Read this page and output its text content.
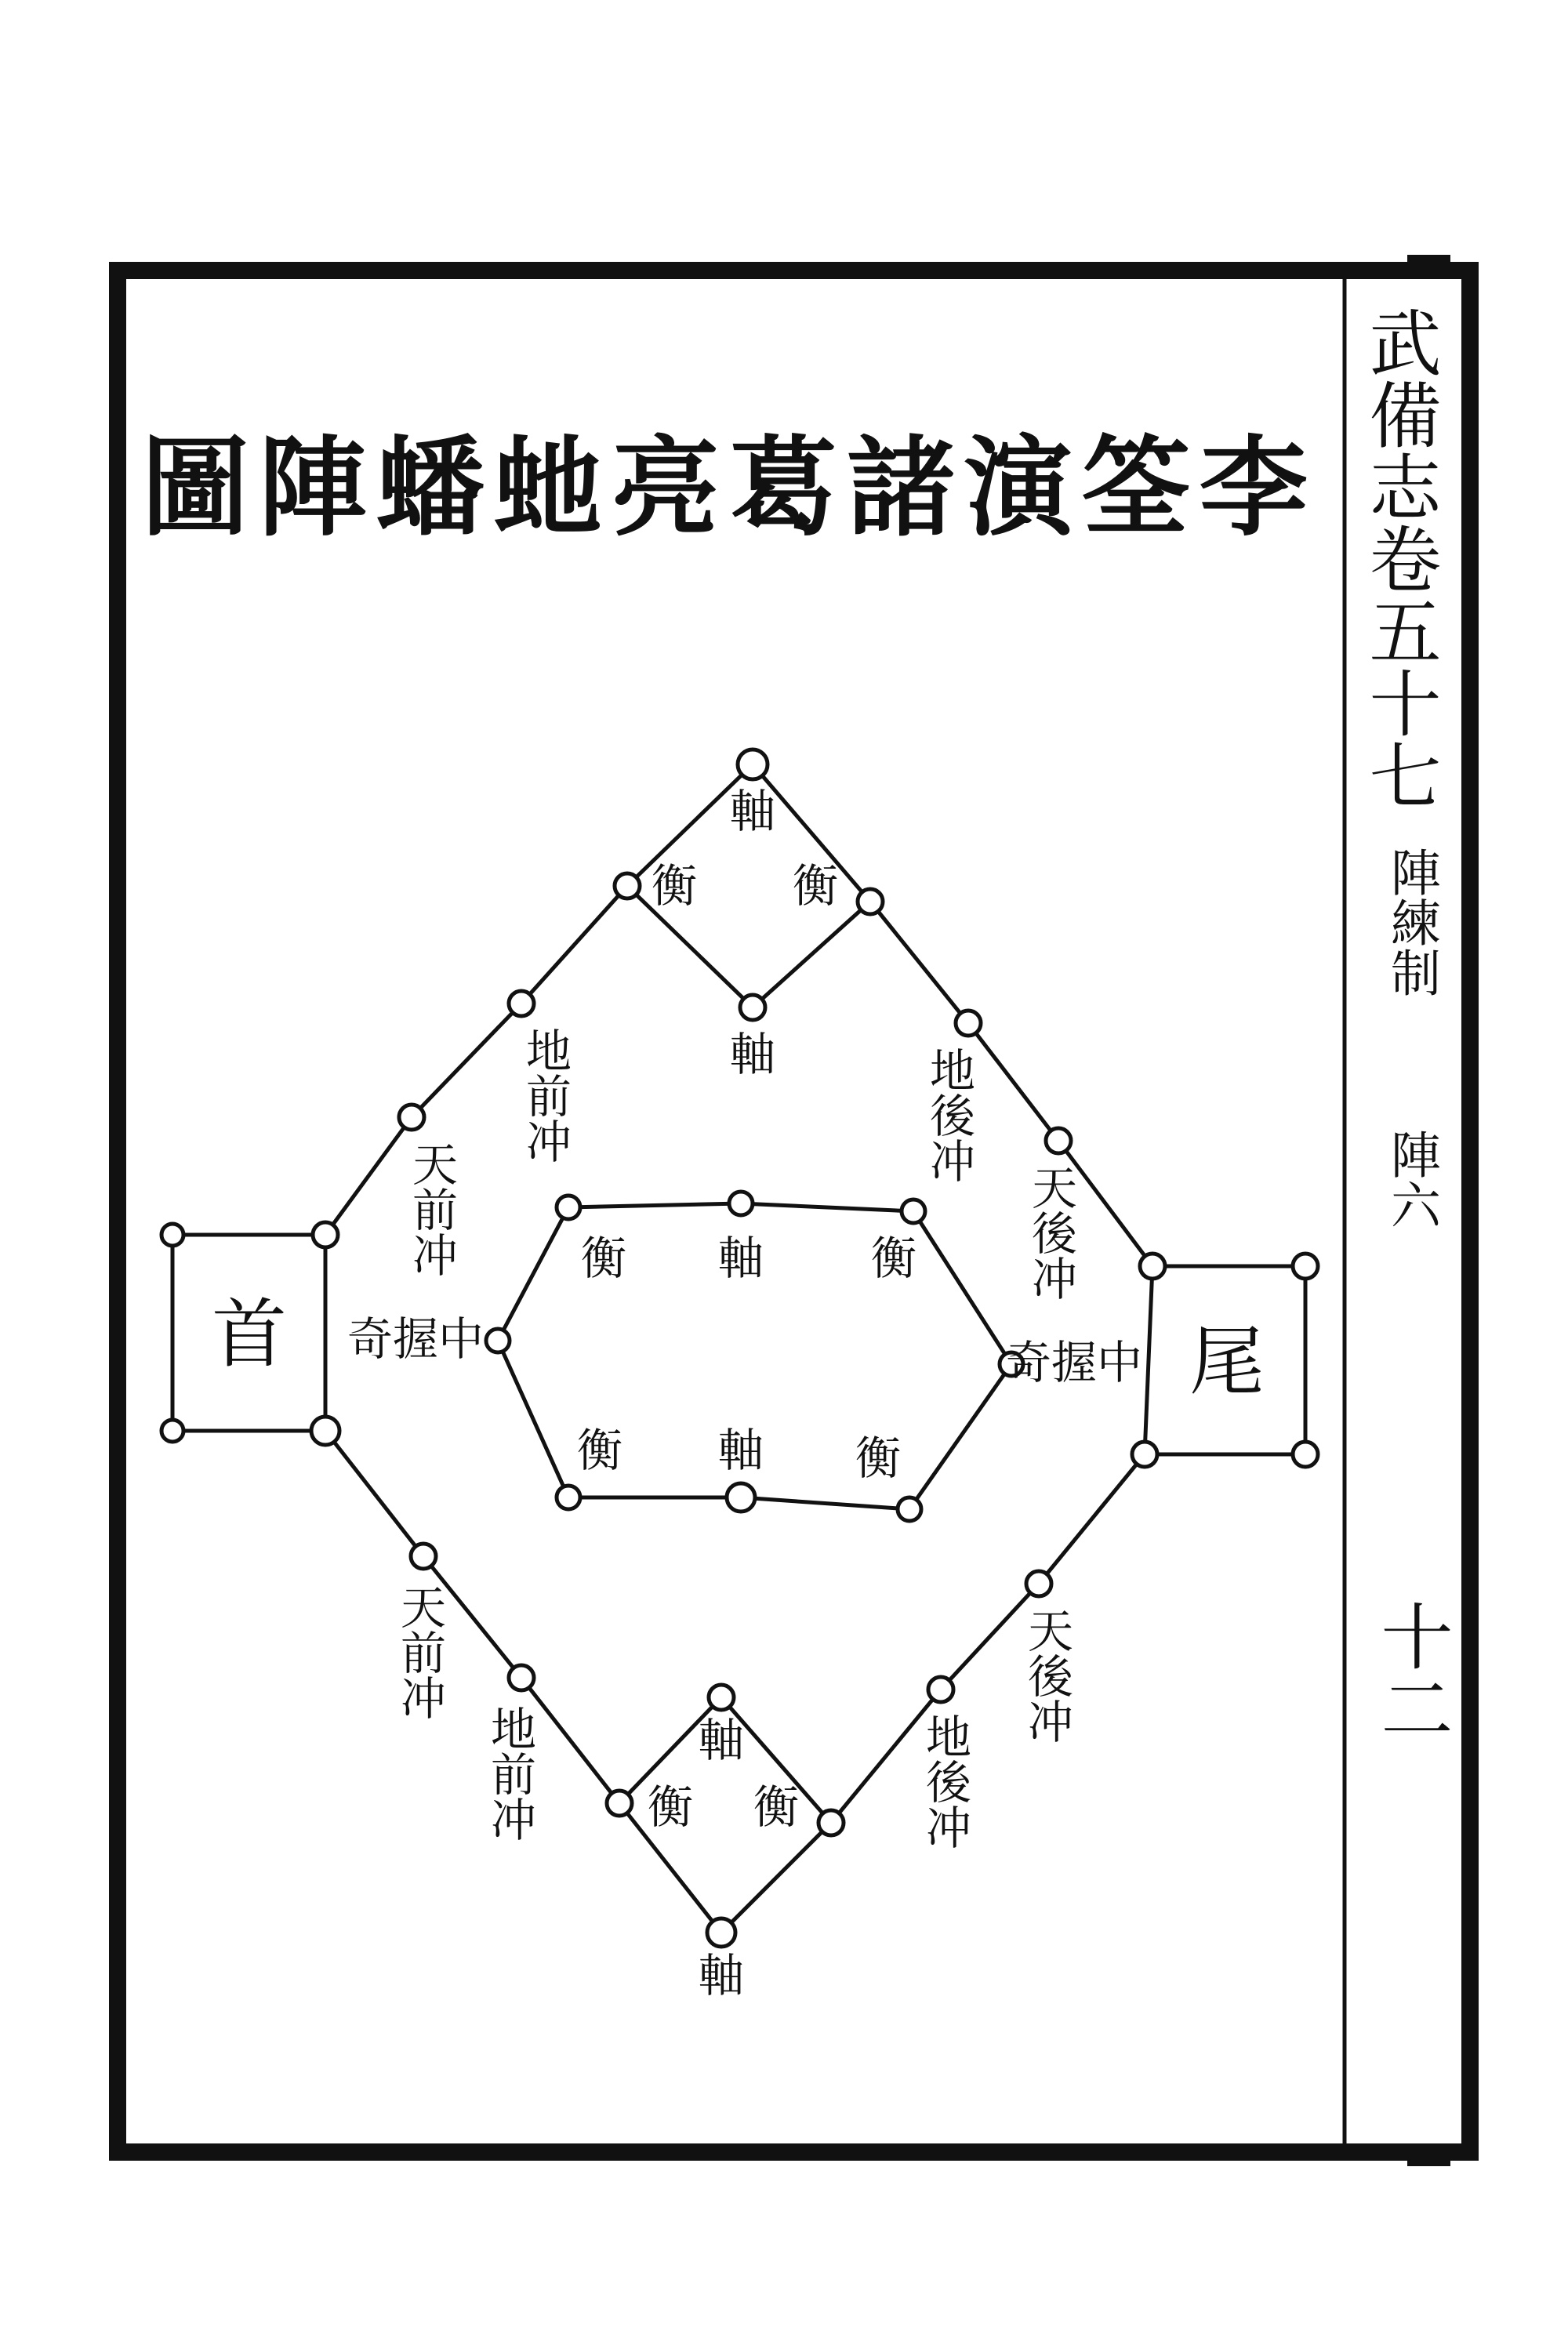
李筌演諸葛亮虵蟠陣圖 武備志卷五十七
陣練制
陣六
十二
首	尾
軸
衡 衡
軸
衡 軸 衡
衡 軸 衡
軸
衡 衡
軸
地前冲
天前冲
地後冲
天後冲
奇握中	奇握中
天前冲
地前冲
天後冲
地後冲
